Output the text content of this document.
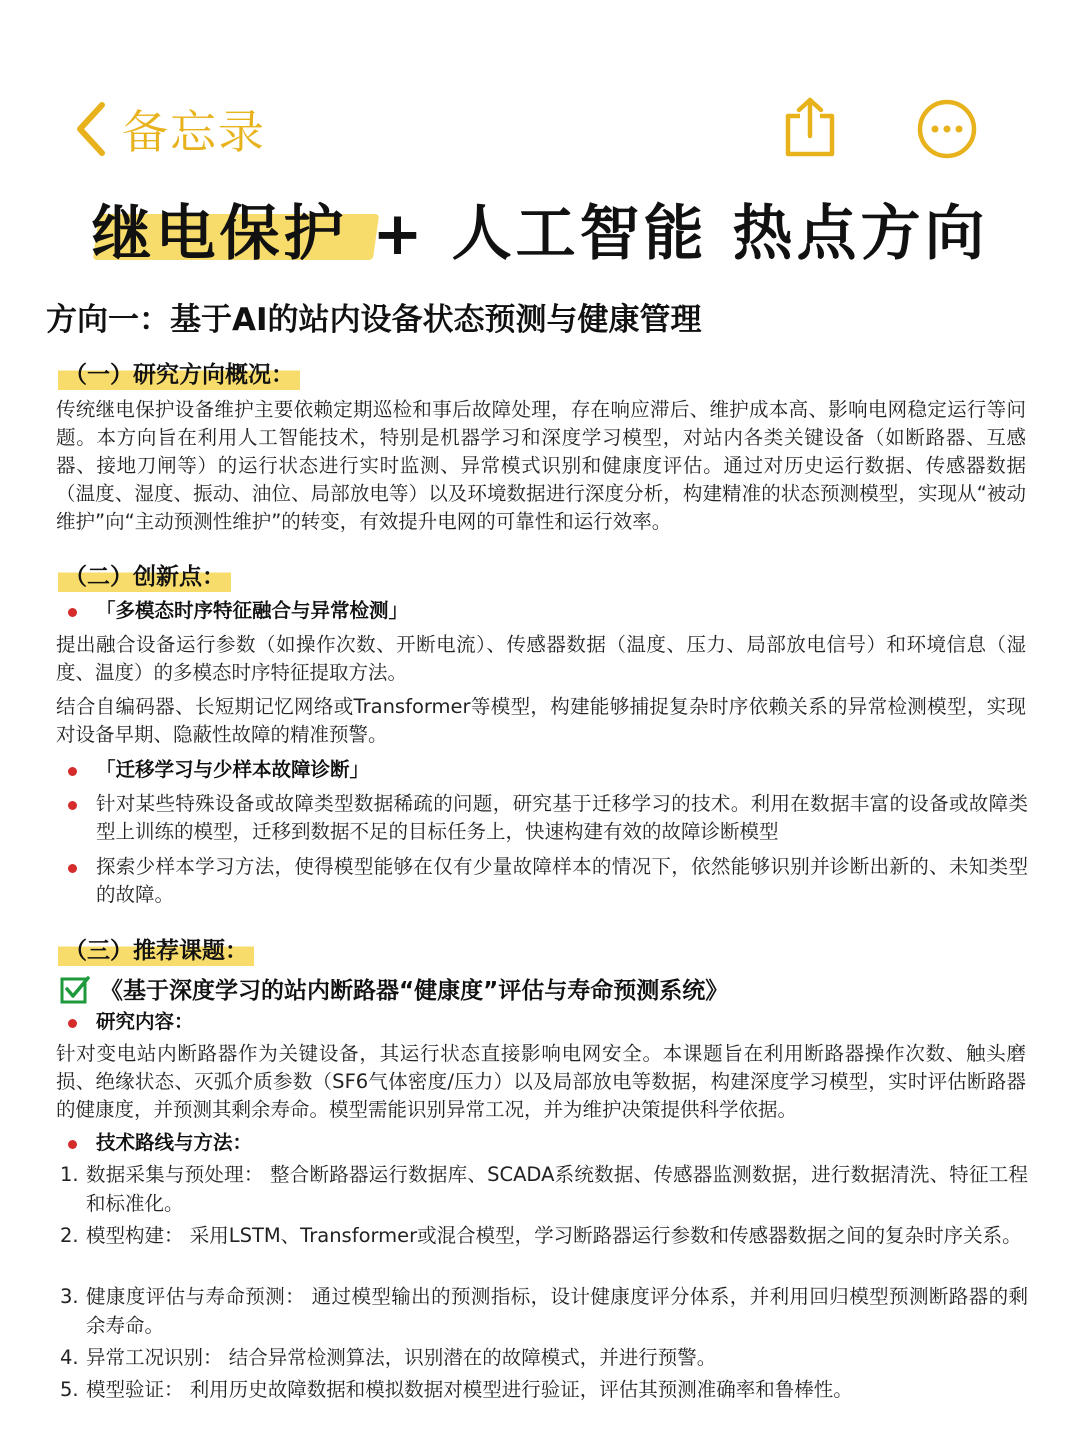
备忘录
继电保护 + 人工智能 热点方向
方向一：基于AI的站内设备状态预测与健康管理
（一）研究方向概况：
传统继电保护设备维护主要依赖定期巡检和事后故障处理，存在响应滞后、维护成本高、影响电网稳定运行等问题。本方向旨在利用人工智能技术，特别是机器学习和深度学习模型，对站内各类关键设备（如断路器、互感器、接地刀闸等）的运行状态进行实时监测、异常模式识别和健康度评估。通过对历史运行数据、传感器数据（温度、湿度、振动、油位、局部放电等）以及环境数据进行深度分析，构建精准的状态预测模型，实现从“被动维护”向“主动预测性维护”的转变，有效提升电网的可靠性和运行效率。
（二）创新点：
「多模态时序特征融合与异常检测」
提出融合设备运行参数（如操作次数、开断电流）、传感器数据（温度、压力、局部放电信号）和环境信息（湿度、温度）的多模态时序特征提取方法。
结合自编码器、长短期记忆网络或Transformer等模型，构建能够捕捉复杂时序依赖关系的异常检测模型，实现对设备早期、隐蔽性故障的精准预警。
「迁移学习与少样本故障诊断」
针对某些特殊设备或故障类型数据稀疏的问题，研究基于迁移学习的技术。利用在数据丰富的设备或故障类型上训练的模型，迁移到数据不足的目标任务上，快速构建有效的故障诊断模型
探索少样本学习方法，使得模型能够在仅有少量故障样本的情况下，依然能够识别并诊断出新的、未知类型的故障。
（三）推荐课题：
《基于深度学习的站内断路器“健康度”评估与寿命预测系统》
研究内容：
针对变电站内断路器作为关键设备，其运行状态直接影响电网安全。本课题旨在利用断路器操作次数、触头磨损、绝缘状态、灭弧介质参数（SF6气体密度/压力）以及局部放电等数据，构建深度学习模型，实时评估断路器的健康度，并预测其剩余寿命。模型需能识别异常工况，并为维护决策提供科学依据。
技术路线与方法：
1. 数据采集与预处理： 整合断路器运行数据库、SCADA系统数据、传感器监测数据，进行数据清洗、特征工程和标准化。
2. 模型构建： 采用LSTM、Transformer或混合模型，学习断路器运行参数和传感器数据之间的复杂时序关系。
3. 健康度评估与寿命预测： 通过模型输出的预测指标，设计健康度评分体系，并利用回归模型预测断路器的剩余寿命。
4. 异常工况识别： 结合异常检测算法，识别潜在的故障模式，并进行预警。
5. 模型验证： 利用历史故障数据和模拟数据对模型进行验证，评估其预测准确率和鲁棒性。
